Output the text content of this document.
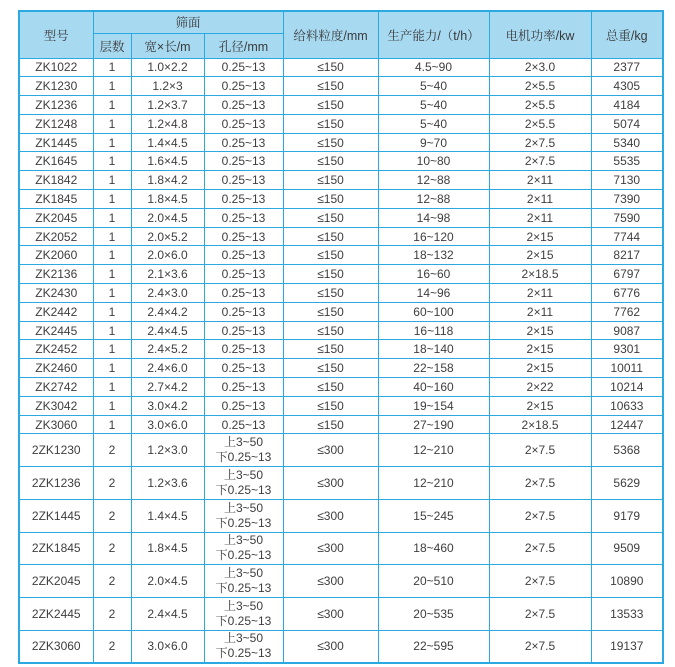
型号	筛面			给料粒度/mm	生产能力/（t/h）	电机功率/kw	总重/kg
	层数	宽×长/m	孔径/mm				
ZK1022	1	1.0×2.2	0.25~13	≤150	4.5~90	2×3.0	2377
ZK1230	1	1.2×3	0.25~13	≤150	5~40	2×5.5	4305
ZK1236	1	1.2×3.7	0.25~13	≤150	5~40	2×5.5	4184
ZK1248	1	1.2×4.8	0.25~13	≤150	5~40	2×5.5	5074
ZK1445	1	1.4×4.5	0.25~13	≤150	9~70	2×7.5	5340
ZK1645	1	1.6×4.5	0.25~13	≤150	10~80	2×7.5	5535
ZK1842	1	1.8×4.2	0.25~13	≤150	12~88	2×11	7130
ZK1845	1	1.8×4.5	0.25~13	≤150	12~88	2×11	7390
ZK2045	1	2.0×4.5	0.25~13	≤150	14~98	2×11	7590
ZK2052	1	2.0×5.2	0.25~13	≤150	16~120	2×15	7744
ZK2060	1	2.0×6.0	0.25~13	≤150	18~132	2×15	8217
ZK2136	1	2.1×3.6	0.25~13	≤150	16~60	2×18.5	6797
ZK2430	1	2.4×3.0	0.25~13	≤150	14~96	2×11	6776
ZK2442	1	2.4×4.2	0.25~13	≤150	60~100	2×11	7762
ZK2445	1	2.4×4.5	0.25~13	≤150	16~118	2×15	9087
ZK2452	1	2.4×5.2	0.25~13	≤150	18~140	2×15	9301
ZK2460	1	2.4×6.0	0.25~13	≤150	22~158	2×15	10011
ZK2742	1	2.7×4.2	0.25~13	≤150	40~160	2×22	10214
ZK3042	1	3.0×4.2	0.25~13	≤150	19~154	2×15	10633
ZK3060	1	3.0×6.0	0.25~13	≤150	27~190	2×18.5	12447
2ZK1230	2	1.2×3.0	上3~50
下0.25~13	≤300	12~210	2×7.5	5368
2ZK1236	2	1.2×3.6	上3~50
下0.25~13	≤300	12~210	2×7.5	5629
2ZK1445	2	1.4×4.5	上3~50
下0.25~13	≤300	15~245	2×7.5	9179
2ZK1845	2	1.8×4.5	上3~50
下0.25~13	≤300	18~460	2×7.5	9509
2ZK2045	2	2.0×4.5	上3~50
下0.25~13	≤300	20~510	2×7.5	10890
2ZK2445	2	2.4×4.5	上3~50
下0.25~13	≤300	20~535	2×7.5	13533
2ZK3060	2	3.0×6.0	上3~50
下0.25~13	≤300	22~595	2×7.5	19137
